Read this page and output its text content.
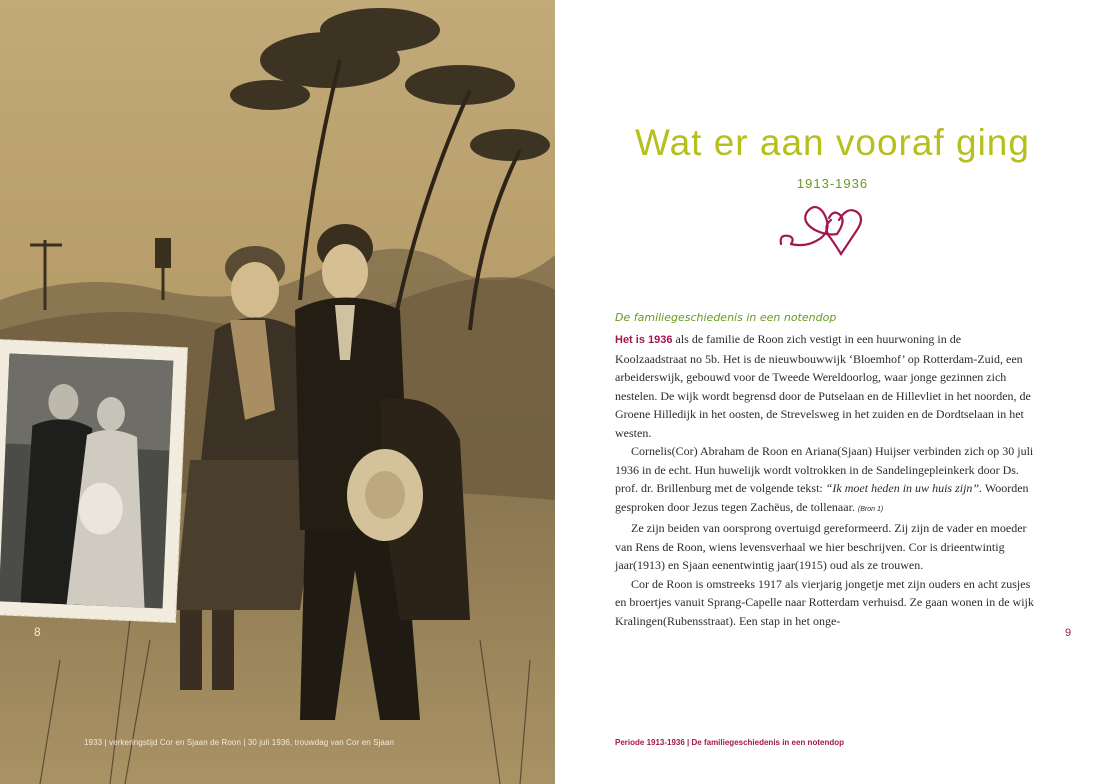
8
1933 | verkeringstijd Cor en Sjaan de Roon | 30 juli 1936, trouwdag van Cor en Sjaan
Wat er aan vooraf ging
1913-1936
De familiegeschiedenis in een notendop

Het is 1936 als de familie de Roon zich vestigt in een huurwoning in de Koolzaadstraat no 5b. Het is de nieuwbouwwijk ‘Bloemhof’ op Rotterdam-Zuid, een arbeiderswijk, gebouwd voor de Tweede Wereldoorlog, waar jonge gezinnen zich nestelen. De wijk wordt begrensd door de Putselaan en de Hillevliet in het noorden, de Groene Hilledijk in het oosten, de Strevelsweg in het zuiden en de Dordtselaan in het westen.

Cornelis(Cor) Abraham de Roon en Ariana(Sjaan) Huijser verbinden zich op 30 juli 1936 in de echt. Hun huwelijk wordt voltrokken in de Sandelingepleinkerk door Ds. prof. dr. Brillenburg met de volgende tekst: “Ik moet heden in uw huis zijn”. Woorden gesproken door Jezus tegen Zachëus, de tollenaar. (Bron 1)

Ze zijn beiden van oorsprong overtuigd gereformeerd. Zij zijn de vader en moeder van Rens de Roon, wiens levensverhaal we hier beschrijven. Cor is drieentwintig jaar(1913) en Sjaan eenentwintig jaar(1915) oud als ze trouwen.

Cor de Roon is omstreeks 1917 als vierjarig jongetje met zijn ouders en acht zusjes en broertjes vanuit Sprang-Capelle naar Rotterdam verhuisd. Ze gaan wonen in de wijk Kralingen(Rubensstraat). Een stap in het onge-

9
Periode 1913-1936 | De familiegeschiedenis in een notendop
